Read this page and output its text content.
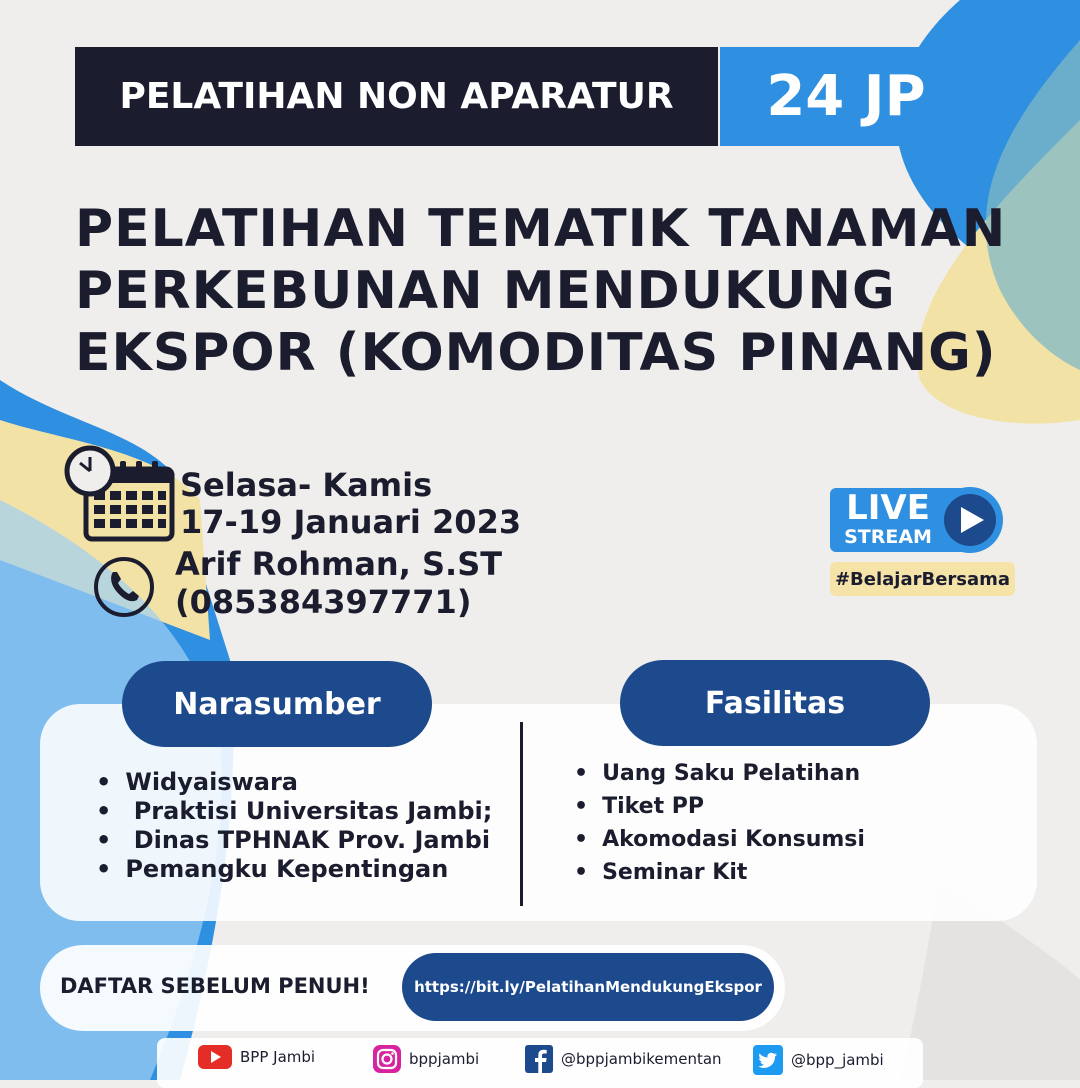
PELATIHAN NON APARATUR 24 JP
PELATIHAN TEMATIK TANAMAN
PERKEBUNAN MENDUKUNG
EKSPOR (KOMODITAS PINANG)
Selasa- Kamis
17-19 Januari 2023
Arif Rohman, S.ST
(085384397771)
LIVE
STREAM
#BelajarBersama
Narasumber	Fasilitas
• Widyaiswara
• Praktisi Universitas Jambi;
• Dinas TPHNAK Prov. Jambi
• Pemangku Kepentingan
• Uang Saku Pelatihan
• Tiket PP
• Akomodasi Konsumsi
• Seminar Kit
DAFTAR SEBELUM PENUH!	https://bit.ly/PelatihanMendukungEkspor
BPP Jambi	bppjambi	@bppjambikementan	@bpp_jambi
